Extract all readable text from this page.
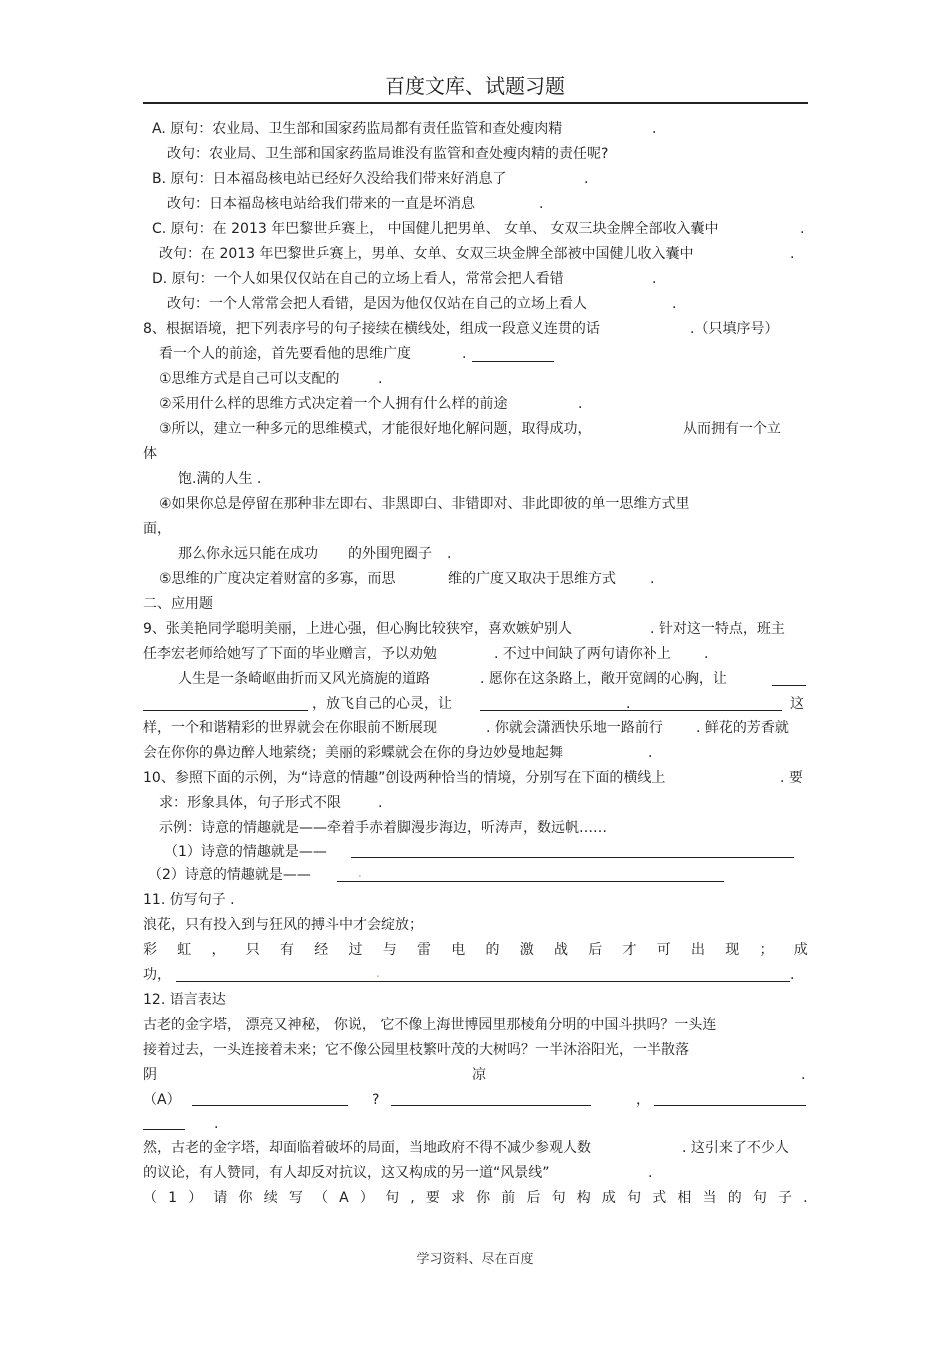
百度文库、试题习题
A. 原句：农业局、卫生部和国家药监局都有责任监管和查处瘦肉精	.
改句：农业局、卫生部和国家药监局谁没有监管和查处瘦肉精的责任呢?
B. 原句：日本福岛核电站已经好久没给我们带来好消息了	.
改句：日本福岛核电站给我们带来的一直是坏消息	.
C. 原句：在 2013 年巴黎世乒赛上， 中国健儿把男单、 女单、 女双三块金牌全部收入囊中	.
改句：在 2013 年巴黎世乒赛上，男单、女单、女双三块金牌全部被中国健儿收入囊中	.
D. 原句：一个人如果仅仅站在自己的立场上看人，常常会把人看错	.
改句：一个人常常会把人看错，是因为他仅仅站在自己的立场上看人	.
8、根据语境，把下列表序号的句子接续在横线处，组成一段意义连贯的话	.（只填序号）
看一个人的前途，首先要看他的思维广度	.
①思维方式是自己可以支配的	.
②采用什么样的思维方式决定着一个人拥有什么样的前途	.
③所以，建立一种多元的思维模式，才能很好地化解问题，取得成功，	从而拥有一个立
体
饱.满的人生 .
④如果你总是停留在那种非左即右、非黑即白、非错即对、非此即彼的单一思维方式里
面，
那么你永远只能在成功 的外围兜圈子 .
⑤思维的广度决定着财富的多寡，而思	维的广度又取决于思维方式 .
二、应用题
9、张美艳同学聪明美丽，上进心强，但心胸比较狭窄，喜欢嫉妒别人	. 针对这一特点，班主
任李宏老师给她写了下面的毕业赠言，予以劝勉	. 不过中间缺了两句请你补上 .
人生是一条崎岖曲折而又风光旖旎的道路	. 愿你在这条路上，敞开宽阔的心胸，让
，放飞自己的心灵，让	.	这
样，一个和谐精彩的世界就会在你眼前不断展现	. 你就会潇洒快乐地一路前行 . 鲜花的芳香就
会在你你的鼻边醉人地萦绕；美丽的彩蝶就会在你的身边妙曼地起舞	.
10、参照下面的示例，为“诗意的情趣”创设两种恰当的情境，分别写在下面的横线上	. 要
求：形象具体，句子形式不限	.
示例：诗意的情趣就是——牵着手赤着脚漫步海边，听涛声，数远帆……
（1）诗意的情趣就是——
（2）诗意的情趣就是——	.
11. 仿写句子 .
浪花，只有投入到与狂风的搏斗中才会绽放；
彩 虹 ， 只 有 经 过 与 雷 电 的 激 战 后 才 可 出 现 ； 成
功，	.
.
12. 语言表达
古老的金字塔， 漂亮又神秘， 你说， 它不像上海世博园里那棱角分明的中国斗拱吗？一头连
接着过去，一头连接着未来；它不像公园里枝繁叶茂的大树吗？一半沐浴阳光，一半散落
阴	凉	.
（A）	?	，
.
然，古老的金字塔，却面临着破坏的局面，当地政府不得不减少参观人数	. 这引来了不少人
的议论，有人赞同，有人却反对抗议，这又构成的另一道“风景线”	.
（ 1 ） 请 你 续 写 （ A ） 句 , 要 求 你 前 后 句 构 成 句 式 相 当 的 句 子 .
学习资料、尽在百度
